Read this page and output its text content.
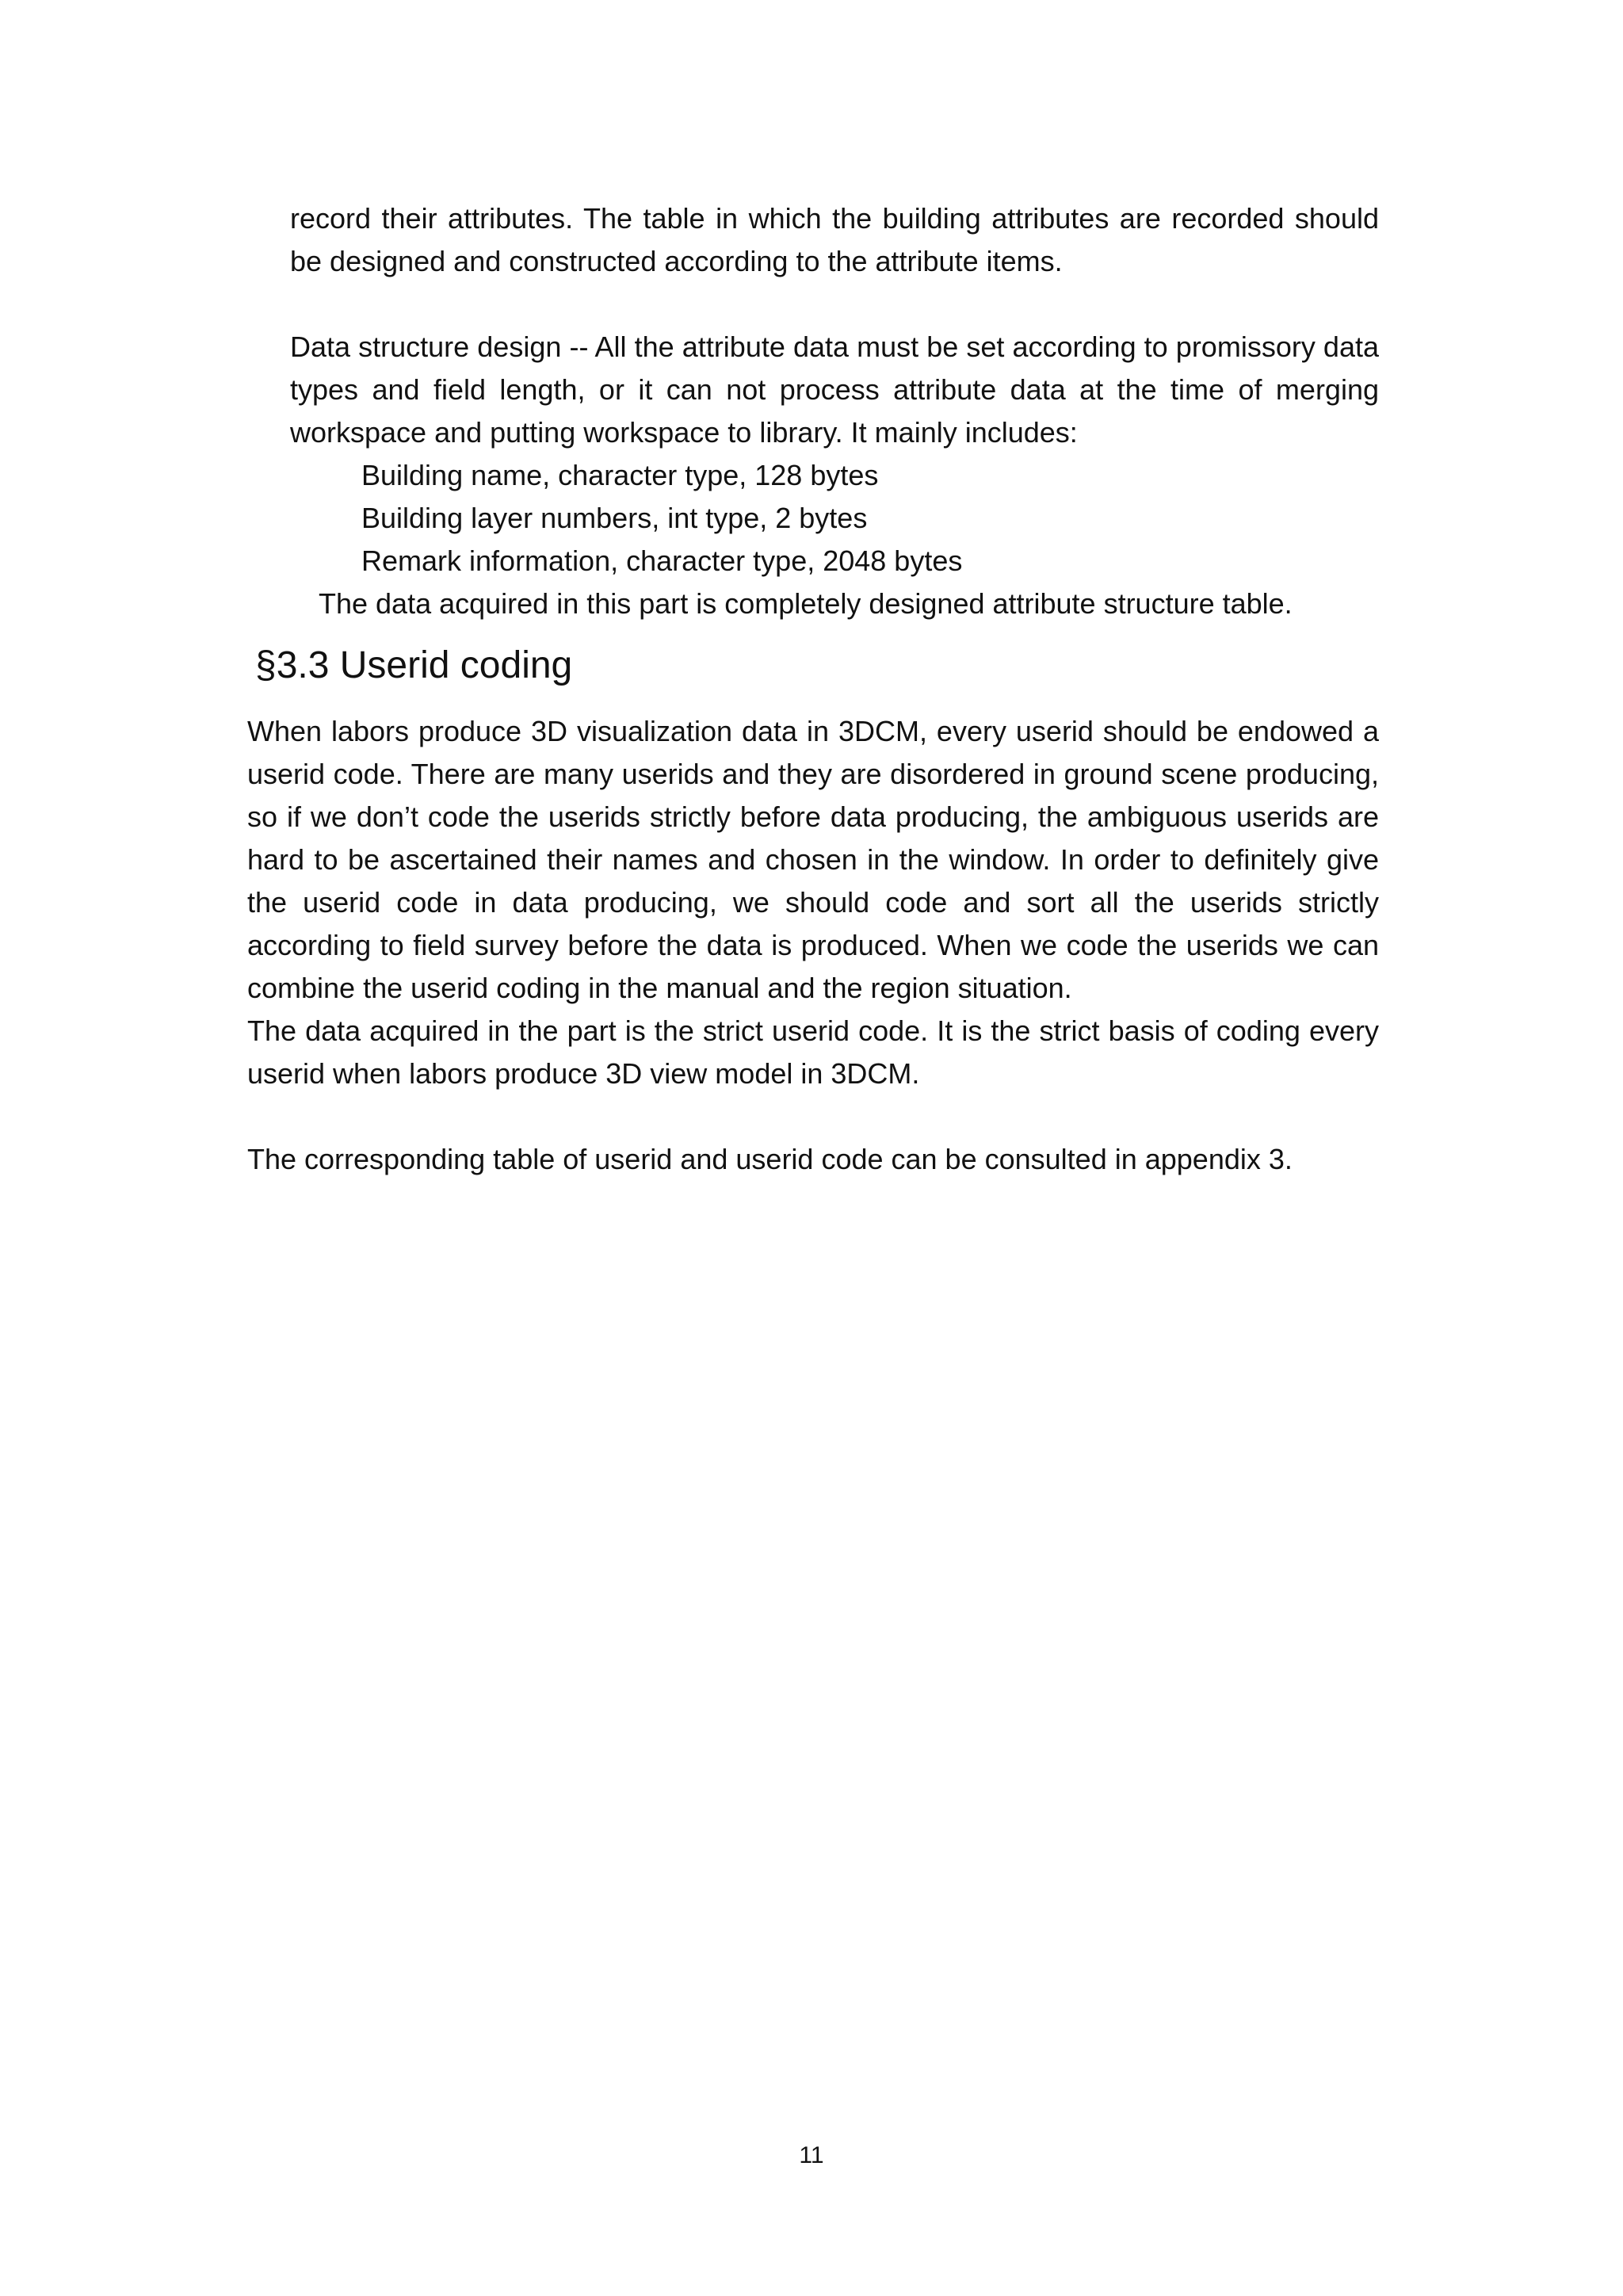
record their attributes. The table in which the building attributes are recorded should be designed and constructed according to the attribute items.

Data structure design -- All the attribute data must be set according to promissory data types and field length, or it can not process attribute data at the time of merging workspace and putting workspace to library. It mainly includes:

Building name, character type, 128 bytes
Building layer numbers, int type, 2 bytes
Remark information, character type, 2048 bytes

The data acquired in this part is completely designed attribute structure table.

§3.3 Userid coding

When labors produce 3D visualization data in 3DCM, every userid should be endowed a userid code. There are many userids and they are disordered in ground scene producing, so if we don’t code the userids strictly before data producing, the ambiguous userids are hard to be ascertained their names and chosen in the window. In order to definitely give the userid code in data producing, we should code and sort all the userids strictly according to field survey before the data is produced. When we code the userids we can combine the userid coding in the manual and the region situation.

The data acquired in the part is the strict userid code. It is the strict basis of coding every userid when labors produce 3D view model in 3DCM.

The corresponding table of userid and userid code can be consulted in appendix 3.

11
